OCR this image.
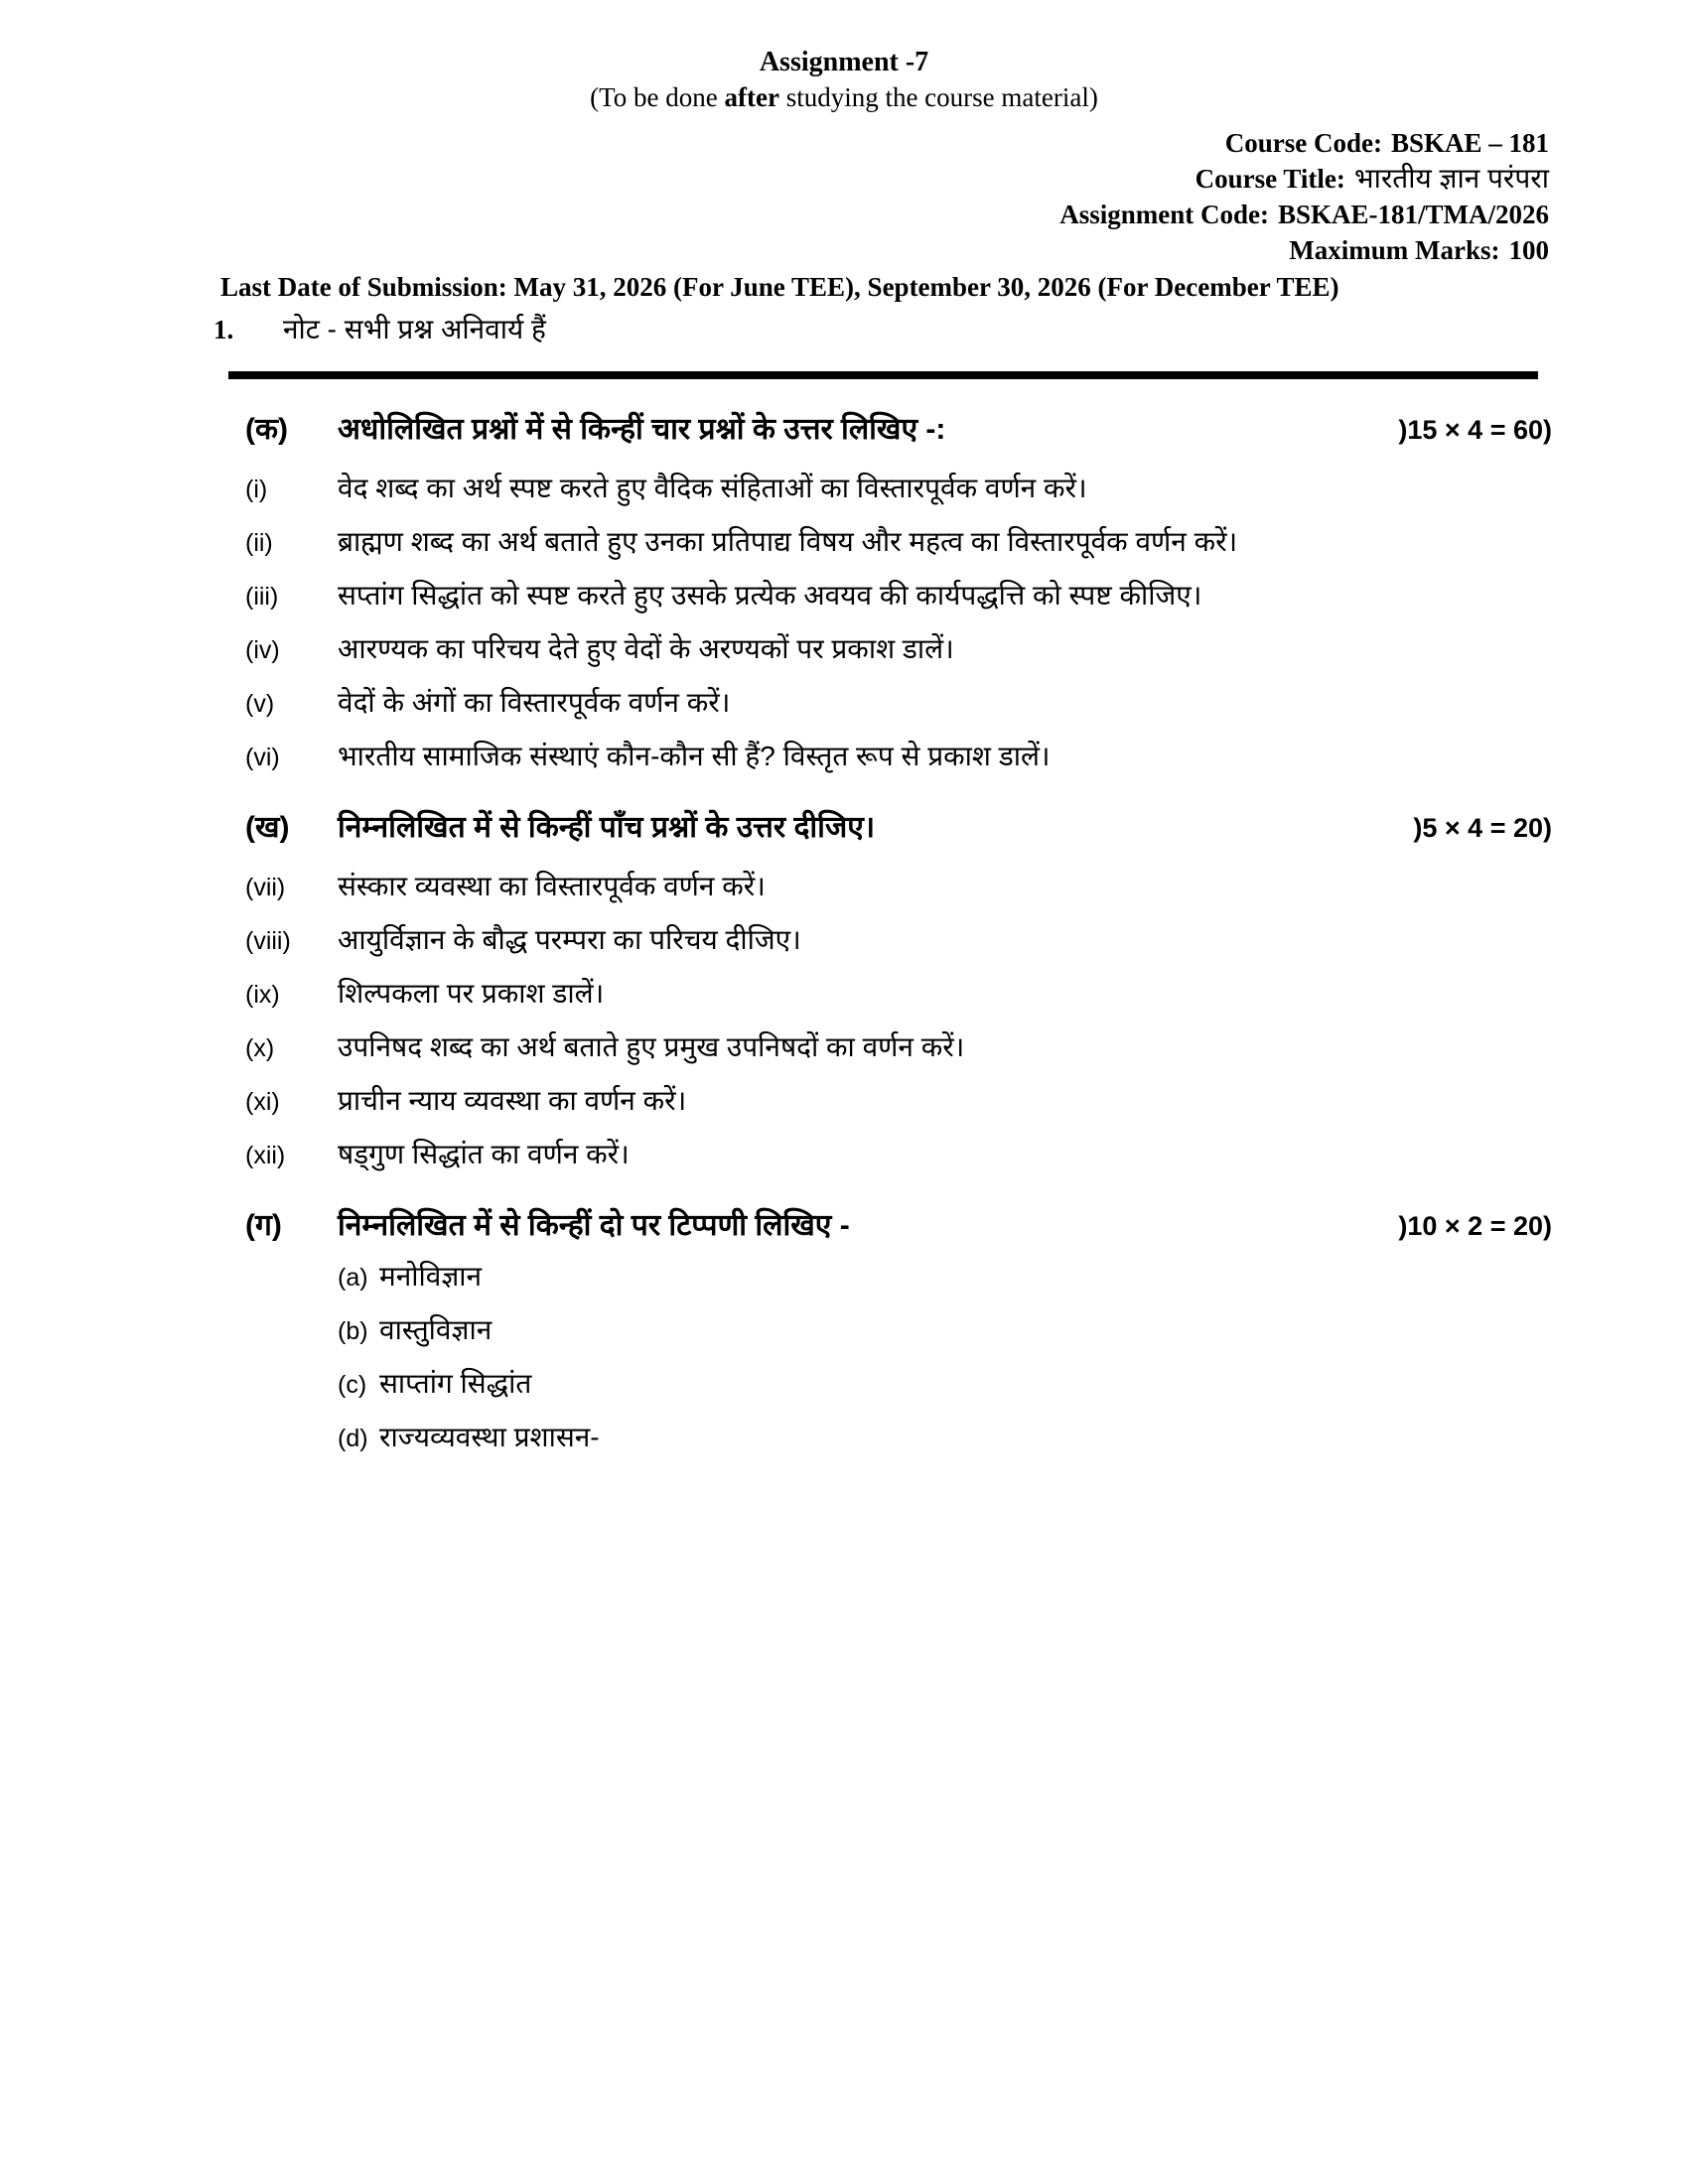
Assignment -7
(To be done after studying the course material)
Course Code: BSKAE – 181
Course Title: भारतीय ज्ञान परंपरा
Assignment Code: BSKAE-181/TMA/2026
Maximum Marks: 100
Last Date of Submission: May 31, 2026 (For June TEE), September 30, 2026 (For December TEE)
1.	नोट - सभी प्रश्न अनिवार्य हैं
(क)	अधोलिखित प्रश्नों में से किन्हीं चार प्रश्नों के उत्तर लिखिए -:	)15 × 4 = 60)
(i)	वेद शब्द का अर्थ स्पष्ट करते हुए वैदिक संहिताओं का विस्तारपूर्वक वर्णन करें।
(ii)	ब्राह्मण शब्द का अर्थ बताते हुए उनका प्रतिपाद्य विषय और महत्व का विस्तारपूर्वक वर्णन करें।
(iii)	सप्तांग सिद्धांत को स्पष्ट करते हुए उसके प्रत्येक अवयव की कार्यपद्धत्ति को स्पष्ट कीजिए।
(iv)	आरण्यक का परिचय देते हुए वेदों के अरण्यकों पर प्रकाश डालें।
(v)	वेदों के अंगों का विस्तारपूर्वक वर्णन करें।
(vi)	भारतीय सामाजिक संस्थाएं कौन-कौन सी हैं? विस्तृत रूप से प्रकाश डालें।
(ख)	निम्नलिखित में से किन्हीं पाँच प्रश्नों के उत्तर दीजिए।	)5 × 4 = 20)
(vii)	संस्कार व्यवस्था का विस्तारपूर्वक वर्णन करें।
(viii)	आयुर्विज्ञान के बौद्ध परम्परा का परिचय दीजिए।
(ix)	शिल्पकला पर प्रकाश डालें।
(x)	उपनिषद शब्द का अर्थ बताते हुए प्रमुख उपनिषदों का वर्णन करें।
(xi)	प्राचीन न्याय व्यवस्था का वर्णन करें।
(xii)	षड्गुण सिद्धांत का वर्णन करें।
(ग)	निम्नलिखित में से किन्हीं दो पर टिप्पणी लिखिए -	)10 × 2 = 20)
(a) मनोविज्ञान
(b) वास्तुविज्ञान
(c) साप्तांग सिद्धांत
(d) राज्यव्यवस्था प्रशासन-
